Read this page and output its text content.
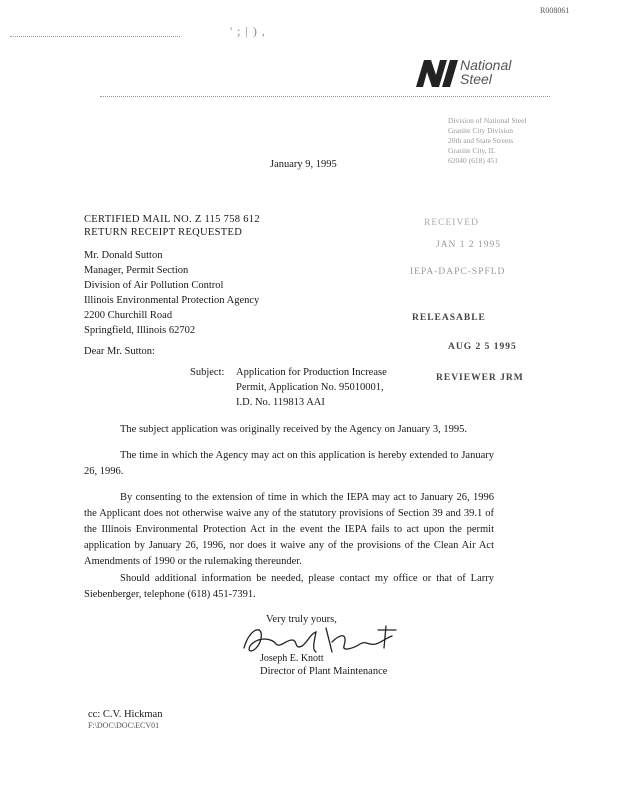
R008061
' ; | ) ,
National
Steel
Division of National Steel
Granite City Division
20th and State Streets
Granite City, IL
62040 (618) 451
January 9, 1995
CERTIFIED MAIL NO. Z 115 758 612
RETURN RECEIPT REQUESTED
Mr. Donald Sutton
Manager, Permit Section
Division of Air Pollution Control
Illinois Environmental Protection Agency
2200 Churchill Road
Springfield, Illinois 62702
RECEIVED
JAN 1 2 1995
IEPA-DAPC-SPFLD
Dear Mr. Sutton:
RELEASABLE
AUG 2 5 1995
REVIEWER JRM
Subject: Application for Production Increase
Permit, Application No. 95010001,
I.D. No. 119813 AAI
The subject application was originally received by the Agency on January 3, 1995.
The time in which the Agency may act on this application is hereby extended to January 26, 1996.
By consenting to the extension of time in which the IEPA may act to January 26, 1996 the Applicant does not otherwise waive any of the statutory provisions of Section 39 and 39.1 of the Illinois Environmental Protection Act in the event the IEPA fails to act upon the permit application by January 26, 1996, nor does it waive any of the provisions of the Clean Air Act Amendments of 1990 or the rulemaking thereunder.
Should additional information be needed, please contact my office or that of Larry Siebenberger, telephone (618) 451-7391.
Very truly yours,
Joseph E. Knott
Director of Plant Maintenance
cc: C.V. Hickman
F:\DOC\DOC\ECV01
